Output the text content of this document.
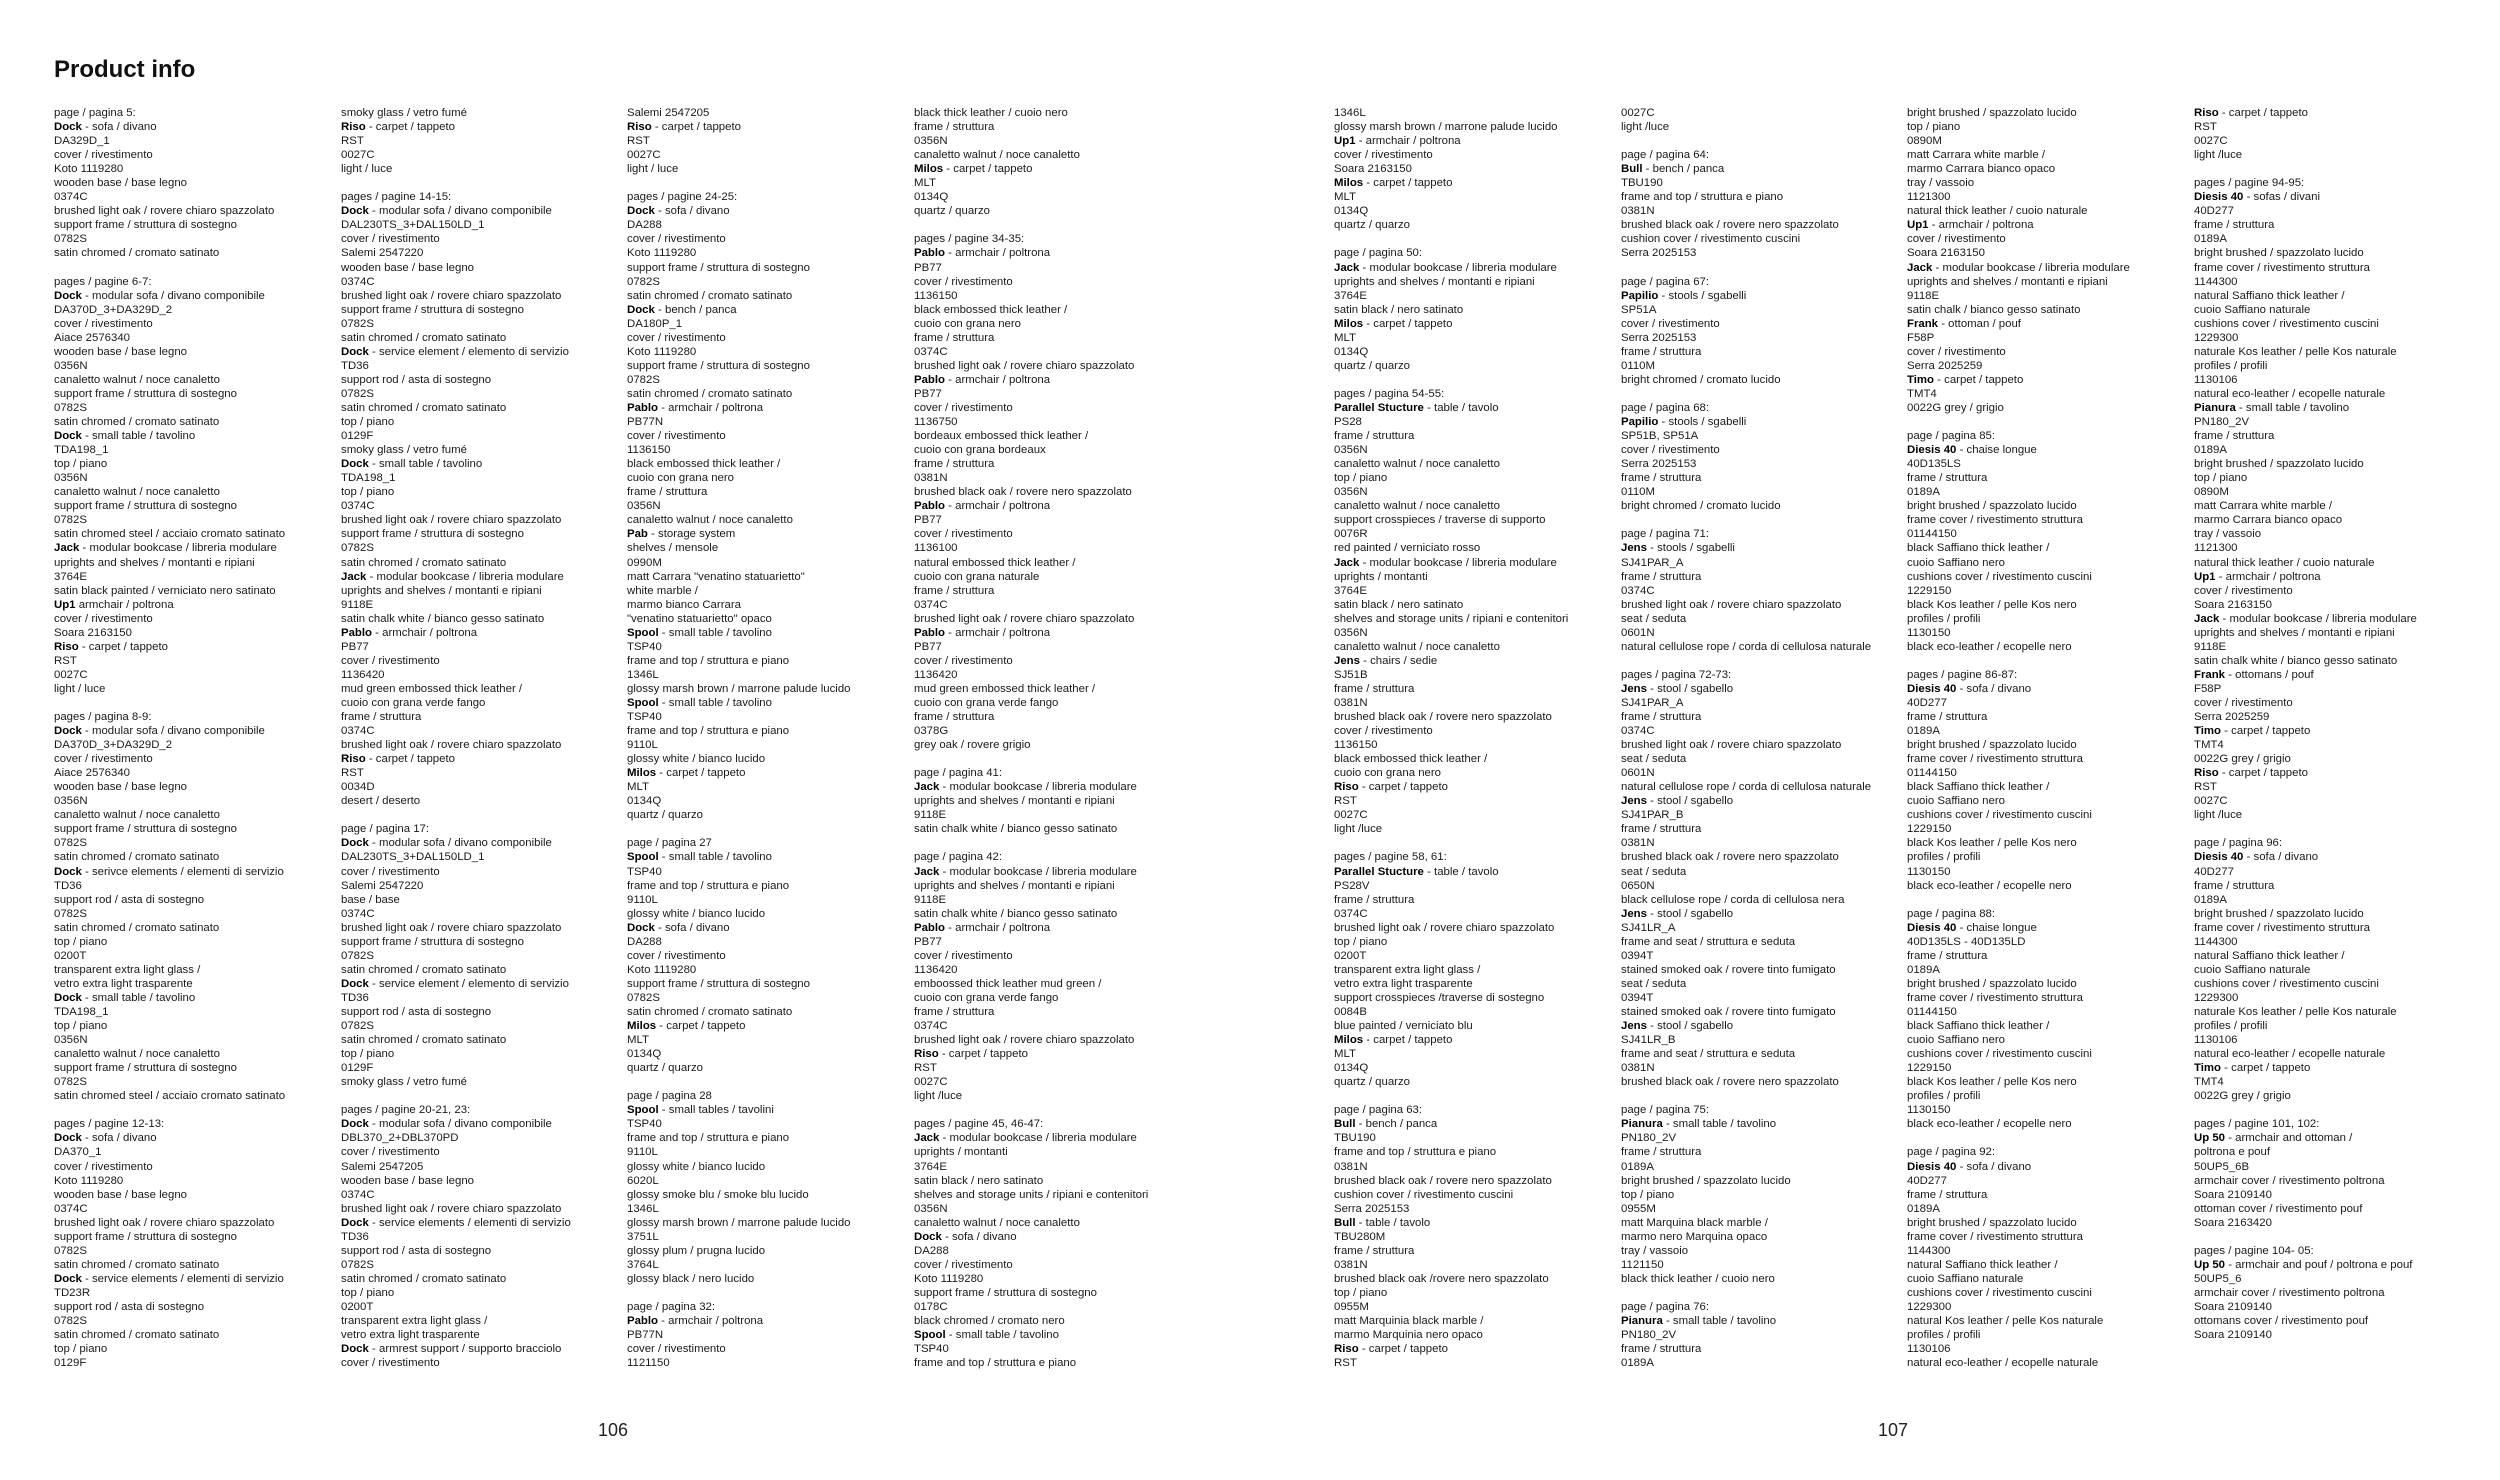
Product info
page / pagina 5:
Dock - sofa / divano
DA329D_1
cover / rivestimento
Koto 1119280
wooden base / base legno
0374C
brushed light oak / rovere chiaro spazzolato
support frame / struttura di sostegno
0782S
satin chromed / cromato satinato
pages / pagine 6-7:
Dock - modular sofa / divano componibile
DA370D_3+DA329D_2
cover / rivestimento
Aiace 2576340
wooden base / base legno
0356N
canaletto walnut / noce canaletto
support frame / struttura di sostegno
0782S
satin chromed / cromato satinato
Dock - small table / tavolino
TDA198_1
top / piano
0356N
canaletto walnut / noce canaletto
support frame / struttura di sostegno
0782S
satin chromed steel / acciaio cromato satinato
Jack - modular bookcase / libreria modulare
uprights and shelves / montanti e ripiani
3764E
satin black painted / verniciato nero satinato
Up1 armchair / poltrona
cover / rivestimento
Soara 2163150
Riso - carpet / tappeto
RST
0027C
light / luce
pages / pagina 8-9:
Dock - modular sofa / divano componibile
DA370D_3+DA329D_2
cover / rivestimento
Aiace 2576340
wooden base / base legno
0356N
canaletto walnut / noce canaletto
support frame / struttura di sostegno
0782S
satin chromed / cromato satinato
Dock - serivce elements / elementi di servizio
TD36
support rod / asta di sostegno
0782S
satin chromed / cromato satinato
top / piano
0200T
transparent extra light glass /
vetro extra light trasparente
Dock - small table / tavolino
TDA198_1
top / piano
0356N
canaletto walnut / noce canaletto
support frame / struttura di sostegno
0782S
satin chromed steel / acciaio cromato satinato
pages / pagine 12-13:
Dock - sofa / divano
DA370_1
cover / rivestimento
Koto 1119280
wooden base / base legno
0374C
brushed light oak / rovere chiaro spazzolato
support frame / struttura di sostegno
0782S
satin chromed / cromato satinato
Dock - service elements / elementi di servizio
TD23R
support rod / asta di sostegno
0782S
satin chromed / cromato satinato
top / piano
0129F
smoky glass / vetro fumé
Riso - carpet / tappeto
RST
0027C
light / luce
pages / pagine 14-15:
Dock - modular sofa / divano componibile
DAL230TS_3+DAL150LD_1
cover / rivestimento
Salemi 2547220
wooden base / base legno
0374C
brushed light oak / rovere chiaro spazzolato
support frame / struttura di sostegno
0782S
satin chromed / cromato satinato
Dock - service element / elemento di servizio
TD36
support rod / asta di sostegno
0782S
satin chromed / cromato satinato
top / piano
0129F
smoky glass / vetro fumé
Dock - small table / tavolino
TDA198_1
top / piano
0374C
brushed light oak / rovere chiaro spazzolato
support frame / struttura di sostegno
0782S
satin chromed / cromato satinato
Jack - modular bookcase / libreria modulare
uprights and shelves / montanti e ripiani
9118E
satin chalk white / bianco gesso satinato
Pablo - armchair / poltrona
PB77
cover / rivestimento
1136420
mud green embossed thick leather /
cuoio con grana verde fango
frame / struttura
0374C
brushed light oak / rovere chiaro spazzolato
Riso - carpet / tappeto
RST
0034D
desert / deserto
page / pagina 17:
Dock - modular sofa / divano componibile
DAL230TS_3+DAL150LD_1
cover / rivestimento
Salemi 2547220
base / base
0374C
brushed light oak / rovere chiaro spazzolato
support frame / struttura di sostegno
0782S
satin chromed / cromato satinato
Dock - service element / elemento di servizio
TD36
support rod / asta di sostegno
0782S
satin chromed / cromato satinato
top / piano
0129F
smoky glass / vetro fumé
pages / pagine 20-21, 23:
Dock - modular sofa / divano componibile
DBL370_2+DBL370PD
cover / rivestimento
Salemi 2547205
wooden base / base legno
0374C
brushed light oak / rovere chiaro spazzolato
Dock - service elements / elementi di servizio
TD36
support rod / asta di sostegno
0782S
satin chromed / cromato satinato
top / piano
0200T
transparent extra light glass /
vetro extra light trasparente
Dock - armrest support / supporto bracciolo
cover / rivestimento
Salemi 2547205
Riso - carpet / tappeto
RST
0027C
light / luce
pages / pagine 24-25:
Dock - sofa / divano
DA288
cover / rivestimento
Koto 1119280
support frame / struttura di sostegno
0782S
satin chromed / cromato satinato
Dock - bench / panca
DA180P_1
cover / rivestimento
Koto 1119280
support frame / struttura di sostegno
0782S
satin chromed / cromato satinato
Pablo - armchair / poltrona
PB77N
cover / rivestimento
1136150
black embossed thick leather /
cuoio con grana nero
frame / struttura
0356N
canaletto walnut / noce canaletto
Pab - storage system
shelves / mensole
0990M
matt Carrara "venatino statuarietto"
white marble /
marmo bianco Carrara
"venatino statuarietto" opaco
Spool - small table / tavolino
TSP40
frame and top / struttura e piano
1346L
glossy marsh brown / marrone palude lucido
Spool - small table / tavolino
TSP40
frame and top / struttura e piano
9110L
glossy white / bianco lucido
Milos - carpet / tappeto
MLT
0134Q
quartz / quarzo
page / pagina 27
Spool - small table / tavolino
TSP40
frame and top / struttura e piano
9110L
glossy white / bianco lucido
Dock - sofa / divano
DA288
cover / rivestimento
Koto 1119280
support frame / struttura di sostegno
0782S
satin chromed / cromato satinato
Milos - carpet / tappeto
MLT
0134Q
quartz / quarzo
page / pagina 28
Spool - small tables / tavolini
TSP40
frame and top / struttura e piano
9110L
glossy white / bianco lucido
6020L
glossy smoke blu / smoke blu lucido
1346L
glossy marsh brown / marrone palude lucido
3751L
glossy plum / prugna lucido
3764L
glossy black / nero lucido
page / pagina 32:
Pablo - armchair / poltrona
PB77N
cover / rivestimento
1121150
black thick leather / cuoio nero
frame / struttura
0356N
canaletto walnut / noce canaletto
Milos - carpet / tappeto
MLT
0134Q
quartz / quarzo
pages / pagine 34-35:
Pablo - armchair / poltrona
PB77
cover / rivestimento
1136150
black embossed thick leather /
cuoio con grana nero
frame / struttura
0374C
brushed light oak / rovere chiaro spazzolato
Pablo - armchair / poltrona
PB77
cover / rivestimento
1136750
bordeaux embossed thick leather /
cuoio con grana bordeaux
frame / struttura
0381N
brushed black oak / rovere nero spazzolato
Pablo - armchair / poltrona
PB77
cover / rivestimento
1136100
natural embossed thick leather /
cuoio con grana naturale
frame / struttura
0374C
brushed light oak / rovere chiaro spazzolato
Pablo - armchair / poltrona
PB77
cover / rivestimento
1136420
mud green embossed thick leather /
cuoio con grana verde fango
frame / struttura
0378G
grey oak / rovere grigio
page / pagina 41:
Jack - modular bookcase / libreria modulare
uprights and shelves / montanti e ripiani
9118E
satin chalk white / bianco gesso satinato
page / pagina 42:
Jack - modular bookcase / libreria modulare
uprights and shelves / montanti e ripiani
9118E
satin chalk white / bianco gesso satinato
Pablo - armchair / poltrona
PB77
cover / rivestimento
1136420
emboossed thick leather mud green /
cuoio con grana verde fango
frame / struttura
0374C
brushed light oak / rovere chiaro spazzolato
Riso - carpet / tappeto
RST
0027C
light /luce
pages / pagine 45, 46-47:
Jack - modular bookcase / libreria modulare
uprights / montanti
3764E
satin black / nero satinato
shelves and storage units / ripiani e contenitori
0356N
canaletto walnut / noce canaletto
Dock - sofa / divano
DA288
cover / rivestimento
Koto 1119280
support frame / struttura di sostegno
0178C
black chromed / cromato nero
Spool - small table / tavolino
TSP40
frame and top / struttura e piano
1346L
glossy marsh brown / marrone palude lucido
Up1 - armchair / poltrona
cover / rivestimento
Soara 2163150
Milos - carpet / tappeto
MLT
0134Q
quartz / quarzo
page / pagina 50:
Jack - modular bookcase / libreria modulare
uprights and shelves / montanti e ripiani
3764E
satin black / nero satinato
Milos - carpet / tappeto
MLT
0134Q
quartz / quarzo
pages / pagina 54-55:
Parallel Stucture - table / tavolo
PS28
frame / struttura
0356N
canaletto walnut / noce canaletto
top / piano
0356N
canaletto walnut / noce canaletto
support crosspieces / traverse di supporto
0076R
red painted / verniciato rosso
Jack - modular bookcase / libreria modulare
uprights / montanti
3764E
satin black / nero satinato
shelves and storage units / ripiani e contenitori
0356N
canaletto walnut / noce canaletto
Jens - chairs / sedie
SJ51B
frame / struttura
0381N
brushed black oak / rovere nero spazzolato
cover / rivestimento
1136150
black embossed thick leather /
cuoio con grana nero
Riso - carpet / tappeto
RST
0027C
light /luce
pages / pagine 58, 61:
Parallel Stucture - table / tavolo
PS28V
frame / struttura
0374C
brushed light oak / rovere chiaro spazzolato
top / piano
0200T
transparent extra light glass /
vetro extra light trasparente
support crosspieces /traverse di sostegno
0084B
blue painted / verniciato blu
Milos - carpet / tappeto
MLT
0134Q
quartz / quarzo
page / pagina 63:
Bull - bench / panca
TBU190
frame and top / struttura e piano
0381N
brushed black oak / rovere nero spazzolato
cushion cover / rivestimento cuscini
Serra 2025153
Bull - table / tavolo
TBU280M
frame / struttura
0381N
brushed black oak /rovere nero spazzolato
top / piano
0955M
matt Marquinia black marble /
marmo Marquinia nero opaco
Riso - carpet / tappeto
RST
0027C
light /luce
page / pagina 64:
Bull - bench / panca
TBU190
frame and top / struttura e piano
0381N
brushed black oak / rovere nero spazzolato
cushion cover / rivestimento cuscini
Serra 2025153
page / pagina 67:
Papilio - stools / sgabelli
SP51A
cover / rivestimento
Serra 2025153
frame / struttura
0110M
bright chromed / cromato lucido
page / pagina 68:
Papilio - stools / sgabelli
SP51B, SP51A
cover / rivestimento
Serra 2025153
frame / struttura
0110M
bright chromed / cromato lucido
page / pagina 71:
Jens - stools / sgabelli
SJ41PAR_A
frame / struttura
0374C
brushed light oak / rovere chiaro spazzolato
seat / seduta
0601N
natural cellulose rope / corda di cellulosa naturale
pages / pagina 72-73:
Jens - stool / sgabello
SJ41PAR_A
frame / struttura
0374C
brushed light oak / rovere chiaro spazzolato
seat / seduta
0601N
natural cellulose rope / corda di cellulosa naturale
Jens - stool / sgabello
SJ41PAR_B
frame / struttura
0381N
brushed black oak / rovere nero spazzolato
seat / seduta
0650N
black cellulose rope / corda di cellulosa nera
Jens - stool / sgabello
SJ41LR_A
frame and seat / struttura e seduta
0394T
stained smoked oak / rovere tinto fumigato
seat / seduta
0394T
stained smoked oak / rovere tinto fumigato
Jens - stool / sgabello
SJ41LR_B
frame and seat / struttura e seduta
0381N
brushed black oak / rovere nero spazzolato
page / pagina 75:
Pianura - small table / tavolino
PN180_2V
frame / struttura
0189A
bright brushed / spazzolato lucido
top / piano
0955M
matt Marquina black marble /
marmo nero Marquina opaco
tray / vassoio
1121150
black thick leather / cuoio nero
page / pagina 76:
Pianura - small table / tavolino
PN180_2V
frame / struttura
0189A
bright brushed / spazzolato lucido
top / piano
0890M
matt Carrara white marble /
marmo Carrara bianco opaco
tray / vassoio
1121300
natural thick leather / cuoio naturale
Up1 - armchair / poltrona
cover / rivestimento
Soara 2163150
Jack - modular bookcase / libreria modulare
uprights and shelves / montanti e ripiani
9118E
satin chalk / bianco gesso satinato
Frank - ottoman / pouf
F58P
cover / rivestimento
Serra 2025259
Timo - carpet / tappeto
TMT4
0022G grey / grigio
page / pagina 85:
Diesis 40 - chaise longue
40D135LS
frame / struttura
0189A
bright brushed / spazzolato lucido
frame cover / rivestimento struttura
01144150
black Saffiano thick leather /
cuoio Saffiano nero
cushions cover / rivestimento cuscini
1229150
black Kos leather / pelle Kos nero
profiles / profili
1130150
black eco-leather / ecopelle nero
pages / pagine 86-87:
Diesis 40 - sofa / divano
40D277
frame / struttura
0189A
bright brushed / spazzolato lucido
frame cover / rivestimento struttura
01144150
black Saffiano thick leather /
cuoio Saffiano nero
cushions cover / rivestimento cuscini
1229150
black Kos leather / pelle Kos nero
profiles / profili
1130150
black eco-leather / ecopelle nero
page / pagina 88:
Diesis 40 - chaise longue
40D135LS - 40D135LD
frame / struttura
0189A
bright brushed / spazzolato lucido
frame cover / rivestimento struttura
01144150
black Saffiano thick leather /
cuoio Saffiano nero
cushions cover / rivestimento cuscini
1229150
black Kos leather / pelle Kos nero
profiles / profili
1130150
black eco-leather / ecopelle nero
page / pagina 92:
Diesis 40 - sofa / divano
40D277
frame / struttura
0189A
bright brushed / spazzolato lucido
frame cover / rivestimento struttura
1144300
natural Saffiano thick leather /
cuoio Saffiano naturale
cushions cover / rivestimento cuscini
1229300
natural Kos leather / pelle Kos naturale
profiles / profili
1130106
natural eco-leather / ecopelle naturale
Riso - carpet / tappeto
RST
0027C
light /luce
pages / pagine 94-95:
Diesis 40 - sofas / divani
40D277
frame / struttura
0189A
bright brushed / spazzolato lucido
frame cover / rivestimento struttura
1144300
natural Saffiano thick leather /
cuoio Saffiano naturale
cushions cover / rivestimento cuscini
1229300
naturale Kos leather / pelle Kos naturale
profiles / profili
1130106
natural eco-leather / ecopelle naturale
Pianura - small table / tavolino
PN180_2V
frame / struttura
0189A
bright brushed / spazzolato lucido
top / piano
0890M
matt Carrara white marble /
marmo Carrara bianco opaco
tray / vassoio
1121300
natural thick leather / cuoio naturale
Up1 - armchair / poltrona
cover / rivestimento
Soara 2163150
Jack - modular bookcase / libreria modulare
uprights and shelves / montanti e ripiani
9118E
satin chalk white / bianco gesso satinato
Frank - ottomans / pouf
F58P
cover / rivestimento
Serra 2025259
Timo - carpet / tappeto
TMT4
0022G grey / grigio
Riso - carpet / tappeto
RST
0027C
light /luce
page / pagina 96:
Diesis 40 - sofa / divano
40D277
frame / struttura
0189A
bright brushed / spazzolato lucido
frame cover / rivestimento struttura
1144300
natural Saffiano thick leather /
cuoio Saffiano naturale
cushions cover / rivestimento cuscini
1229300
naturale Kos leather / pelle Kos naturale
profiles / profili
1130106
natural eco-leather / ecopelle naturale
Timo - carpet / tappeto
TMT4
0022G grey / grigio
pages / pagine 101, 102:
Up 50 - armchair and ottoman /
poltrona e pouf
50UP5_6B
armchair cover / rivestimento poltrona
Soara 2109140
ottoman cover / rivestimento pouf
Soara 2163420
pages / pagine 104- 05:
Up 50 - armchair and pouf / poltrona e pouf
50UP5_6
armchair cover / rivestimento poltrona
Soara 2109140
ottomans cover / rivestimento pouf
Soara 2109140
106	107
